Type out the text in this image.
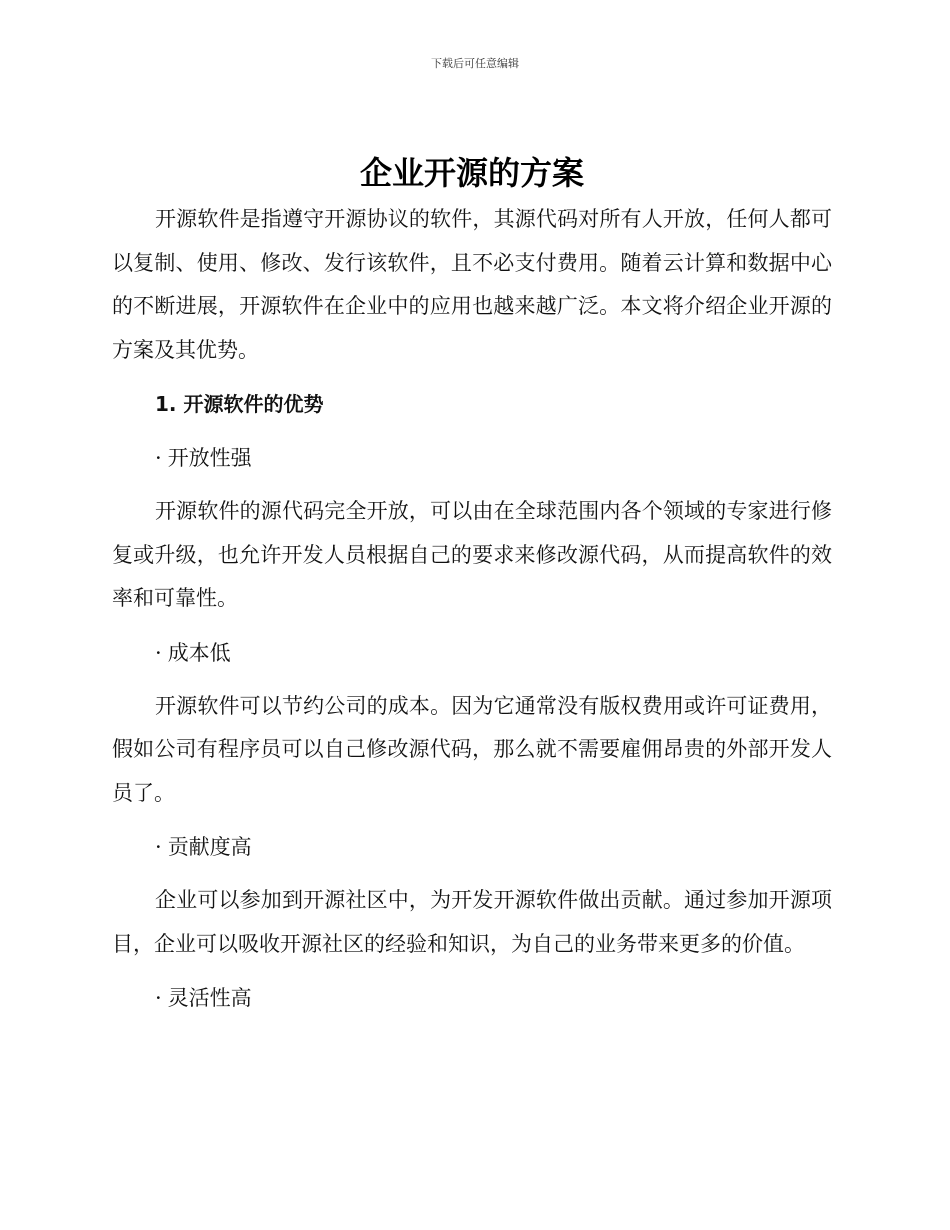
下载后可任意编辑
企业开源的方案

开源软件是指遵守开源协议的软件，其源代码对所有人开放，任何人都可以复制、使用、修改、发行该软件，且不必支付费用。随着云计算和数据中心的不断进展，开源软件在企业中的应用也越来越广泛。本文将介绍企业开源的方案及其优势。

1. 开源软件的优势
· 开放性强

开源软件的源代码完全开放，可以由在全球范围内各个领域的专家进行修复或升级，也允许开发人员根据自己的要求来修改源代码，从而提高软件的效率和可靠性。

· 成本低

开源软件可以节约公司的成本。因为它通常没有版权费用或许可证费用，假如公司有程序员可以自己修改源代码，那么就不需要雇佣昂贵的外部开发人员了。

· 贡献度高

企业可以参加到开源社区中，为开发开源软件做出贡献。通过参加开源项目，企业可以吸收开源社区的经验和知识，为自己的业务带来更多的价值。

· 灵活性高
